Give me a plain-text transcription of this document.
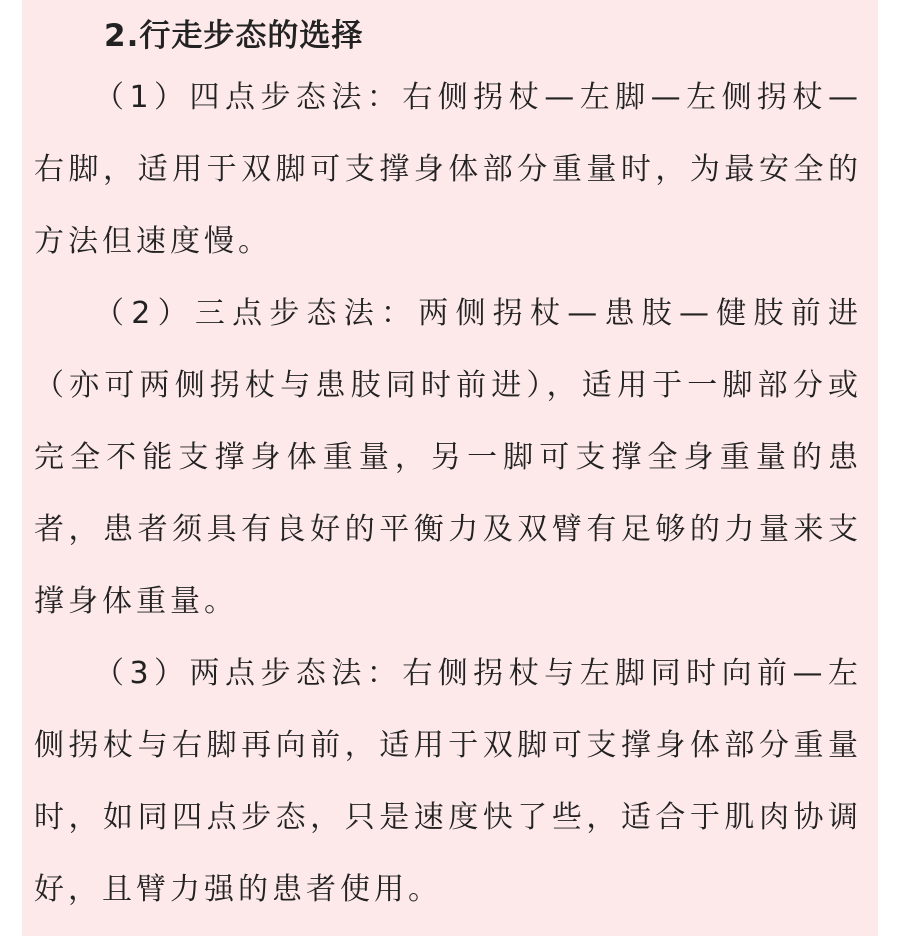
2.行走步态的选择

（1）四点步态法：右侧拐杖—左脚—左侧拐杖—右脚，适用于双脚可支撑身体部分重量时，为最安全的方法但速度慢。

（2）三点步态法：两侧拐杖—患肢—健肢前进（亦可两侧拐杖与患肢同时前进），适用于一脚部分或完全不能支撑身体重量，另一脚可支撑全身重量的患者，患者须具有良好的平衡力及双臂有足够的力量来支撑身体重量。

（3）两点步态法：右侧拐杖与左脚同时向前—左侧拐杖与右脚再向前，适用于双脚可支撑身体部分重量时，如同四点步态，只是速度快了些，适合于肌肉协调好，且臂力强的患者使用。
